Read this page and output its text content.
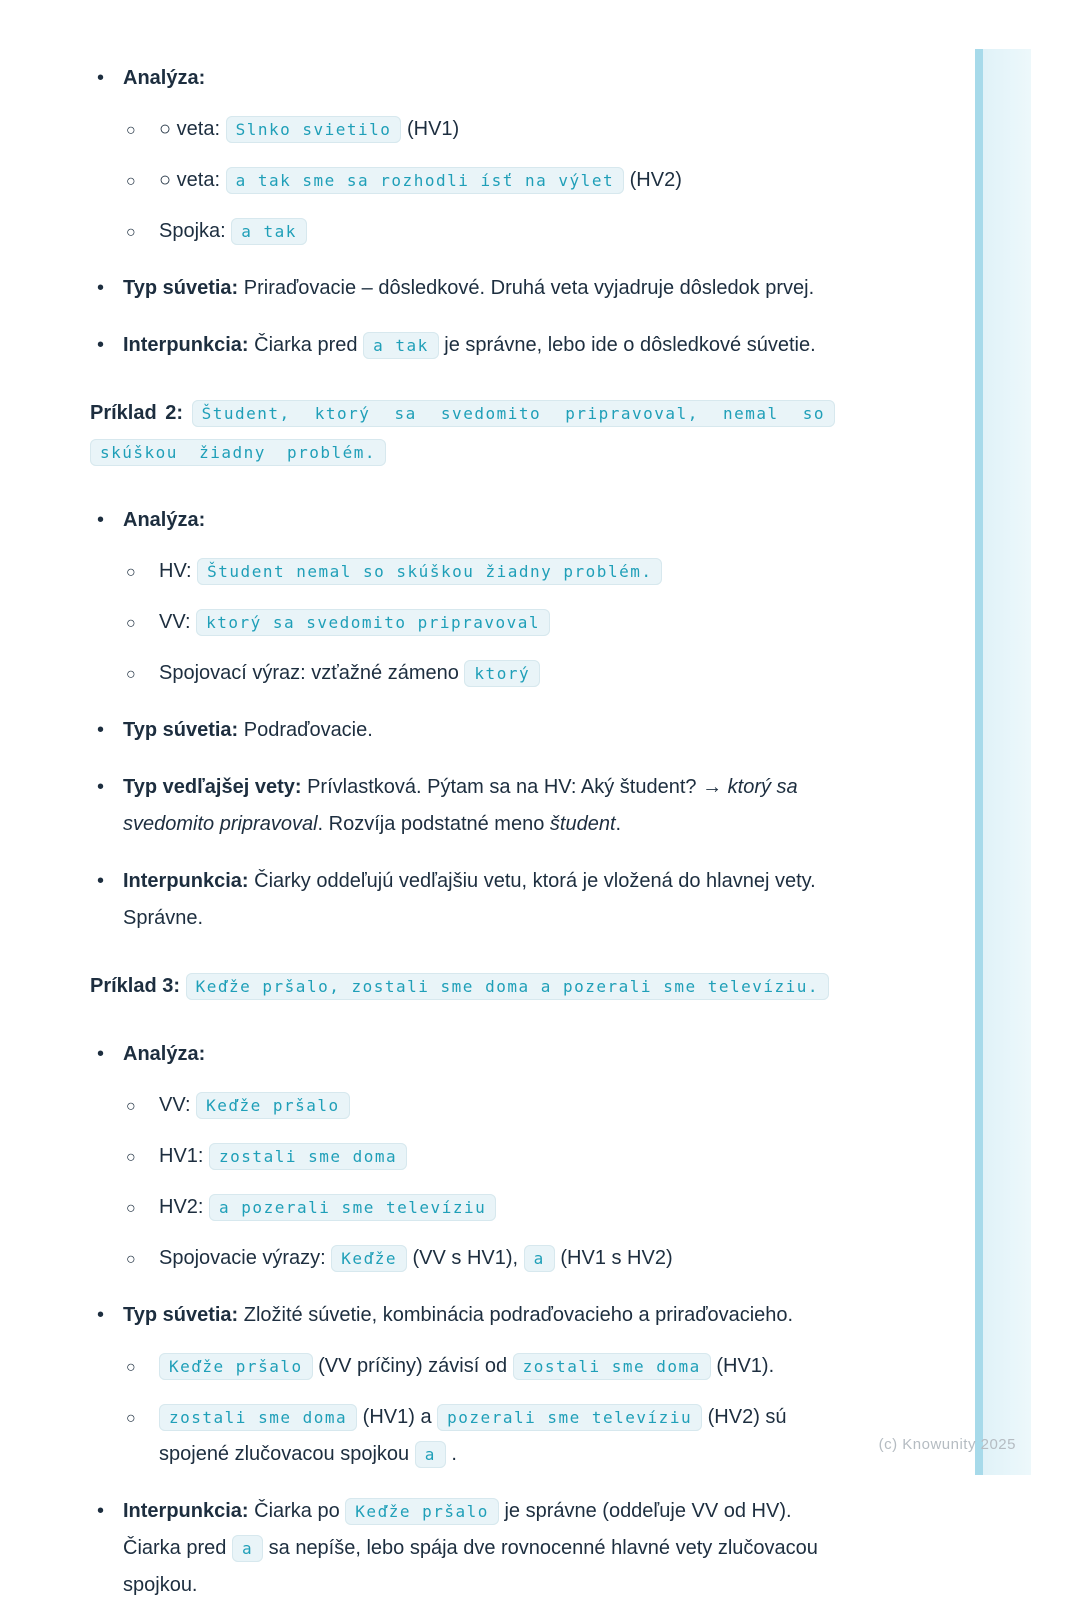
• Analýza:
○ ○ veta: Slnko svietilo (HV1)
○ ○ veta: a tak sme sa rozhodli ísť na výlet (HV2)
○ Spojka: a tak
• Typ súvetia: Priraďovacie – dôsledkové. Druhá veta vyjadruje dôsledok prvej.
• Interpunkcia: Čiarka pred a tak je správne, lebo ide o dôsledkové súvetie.

Príklad 2: Študent, ktorý sa svedomito pripravoval, nemal so skúškou žiadny problém.

• Analýza:
○ HV: Študent nemal so skúškou žiadny problém.
○ VV: ktorý sa svedomito pripravoval
○ Spojovací výraz: vzťažné zámeno ktorý
• Typ súvetia: Podraďovacie.
• Typ vedľajšej vety: Prívlastková. Pýtam sa na HV: Aký študent? → ktorý sa svedomito pripravoval. Rozvíja podstatné meno študent.
• Interpunkcia: Čiarky oddeľujú vedľajšiu vetu, ktorá je vložená do hlavnej vety. Správne.

Príklad 3: Keďže pršalo, zostali sme doma a pozerali sme televíziu.

• Analýza:
○ VV: Keďže pršalo
○ HV1: zostali sme doma
○ HV2: a pozerali sme televíziu
○ Spojovacie výrazy: Keďže (VV s HV1), a (HV1 s HV2)
• Typ súvetia: Zložité súvetie, kombinácia podraďovacieho a priraďovacieho.
○ Keďže pršalo (VV príčiny) závisí od zostali sme doma (HV1).
○ zostali sme doma (HV1) a pozerali sme televíziu (HV2) sú spojené zlučovacou spojkou a .
• Interpunkcia: Čiarka po Keďže pršalo je správne (oddeľuje VV od HV). Čiarka pred a sa nepíše, lebo spája dve rovnocenné hlavné vety zlučovacou spojkou.
(c) Knowunity 2025
